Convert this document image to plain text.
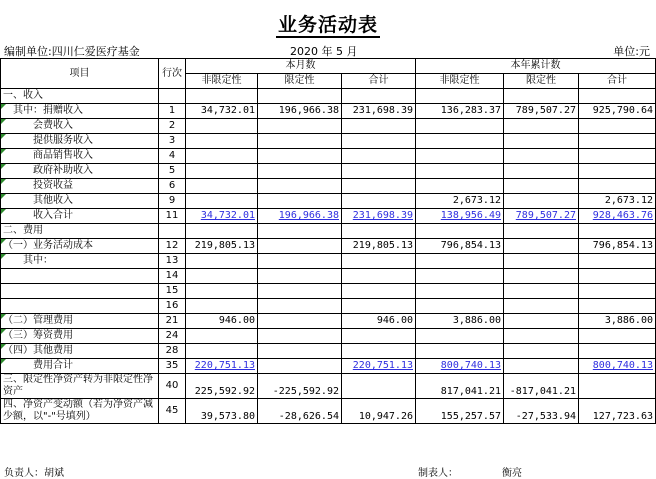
业务活动表
编制单位:四川仁爱医疗基金	2020 年 5 月	单位:元
项目	行次	本月数			本年累计数		
		非限定性	限定性	合计	非限定性	限定性	合计
一、收入							
　其中：捐赠收入	1	34,732.01	196,966.38	231,698.39	136,283.37	789,507.27	925,790.64
　　　会费收入	2						
　　　提供服务收入	3						
　　　商品销售收入	4						
　　　政府补助收入	5						
　　　投资收益	6						
　　　其他收入	9				2,673.12		2,673.12
　　　收入合计	11	34,732.01	196,966.38	231,698.39	138,956.49	789,507.27	928,463.76
二、费用							
（一）业务活动成本	12	219,805.13		219,805.13	796,854.13		796,854.13
　　其中：	13						
	14						
	15						
	16						
（二）管理费用	21	946.00		946.00	3,886.00		3,886.00
（三）筹资费用	24						
（四）其他费用	28						
　　　费用合计	35	220,751.13		220,751.13	800,740.13		800,740.13
三、限定性净资产转为非限定性净资产	40	225,592.92	-225,592.92		817,041.21	-817,041.21	
四、净资产变动额（若为净资产减少额，以"-"号填列）	45	39,573.80	-28,626.54	10,947.26	155,257.57	-27,533.94	127,723.63
负责人：胡斌	制表人：	衡亮
